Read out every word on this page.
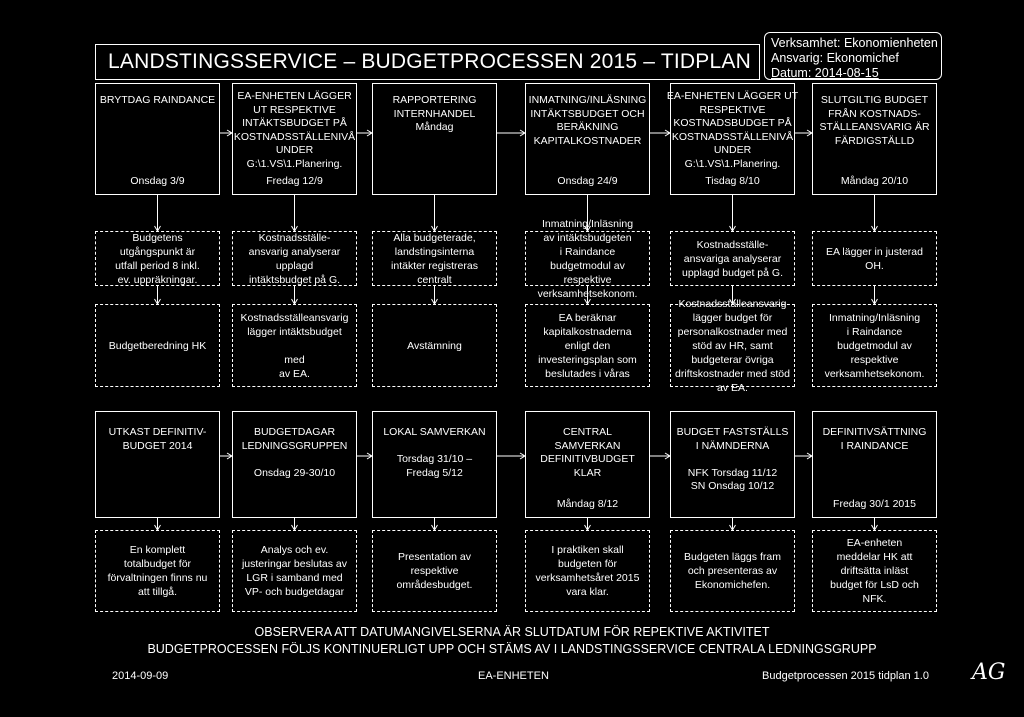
LANDSTINGSSERVICE – BUDGETPROCESSEN 2015 – TIDPLAN
Verksamhet: Ekonomienheten
Ansvarig: Ekonomichef
Datum: 2014-08-15
BRYTDAG RAINDANCE
Onsdag 3/9
EA-ENHETEN LÄGGER
UT RESPEKTIVE
INTÄKTSBUDGET PÅ
KOSTNADSSTÄLLENIVÅ
UNDER
G:\1.VS\1.Planering.
Fredag 12/9
RAPPORTERING
INTERNHANDEL
Måndag
INMATNING/INLÄSNING
INTÄKTSBUDGET OCH
BERÄKNING
KAPITALKOSTNADER
Onsdag 24/9
EA-ENHETEN LÄGGER UT
RESPEKTIVE
KOSTNADSBUDGET PÅ
KOSTNADSSTÄLLENIVÅ
UNDER
G:\1.VS\1.Planering.
Tisdag 8/10
SLUTGILTIG BUDGET
FRÅN KOSTNADS-
STÄLLEANSVARIG ÄR
FÄRDIGSTÄLLD
Måndag 20/10
UTKAST DEFINITIV-
BUDGET 2014
BUDGETDAGAR
LEDNINGSGRUPPEN

Onsdag 29-30/10
LOKAL SAMVERKAN

Torsdag 31/10 –
Fredag 5/12
CENTRAL
SAMVERKAN
DEFINITIVBUDGET
KLAR
Måndag 8/12
BUDGET FASTSTÄLLS
I NÄMNDERNA

NFK Torsdag 11/12
SN Onsdag 10/12
DEFINITIVSÄTTNING
I RAINDANCE
Fredag 30/1 2015
Budgetens
utgångspunkt är
utfall period 8 inkl.
ev. uppräkningar.
Kostnadsställe-
ansvarig analyserar
upplagd
intäktsbudget på G.
Alla budgeterade,
landstingsinterna
intäkter registreras
centralt
Inmatning/Inläsning
av intäktsbudgeten
i Raindance
budgetmodul av
respektive
verksamhetsekonom.
Kostnadsställe-
ansvariga analyserar
upplagd budget på G.
EA lägger in justerad
OH.
Budgetberedning HK
Kostnadsställeansvarig
lägger intäktsbudget

med
av EA.
Avstämning
EA beräknar
kapitalkostnaderna
enligt den
investeringsplan som
beslutades i våras
Kostnadsställeansvarig
lägger budget för
personalkostnader med
stöd av HR, samt
budgeterar övriga
driftskostnader med stöd
av EA.
Inmatning/Inläsning
i Raindance
budgetmodul av
respektive
verksamhetsekonom.
En komplett
totalbudget för
förvaltningen finns nu
att tillgå.
Analys och ev.
justeringar beslutas av
LGR i samband med
VP- och budgetdagar
Presentation av
respektive
områdesbudget.
I praktiken skall
budgeten för
verksamhetsåret 2015
vara klar.
Budgeten läggs fram
och presenteras av
Ekonomichefen.
EA-enheten
meddelar HK att
driftsätta inläst
budget för LsD och
NFK.
OBSERVERA ATT DATUMANGIVELSERNA ÄR SLUTDATUM FÖR REPEKTIVE AKTIVITET
BUDGETPROCESSEN FÖLJS KONTINUERLIGT UPP OCH STÄMS AV I LANDSTINGSSERVICE CENTRALA LEDNINGSGRUPP
2014-09-09	EA-ENHETEN	Budgetprocessen 2015 tidplan 1.0 AG
